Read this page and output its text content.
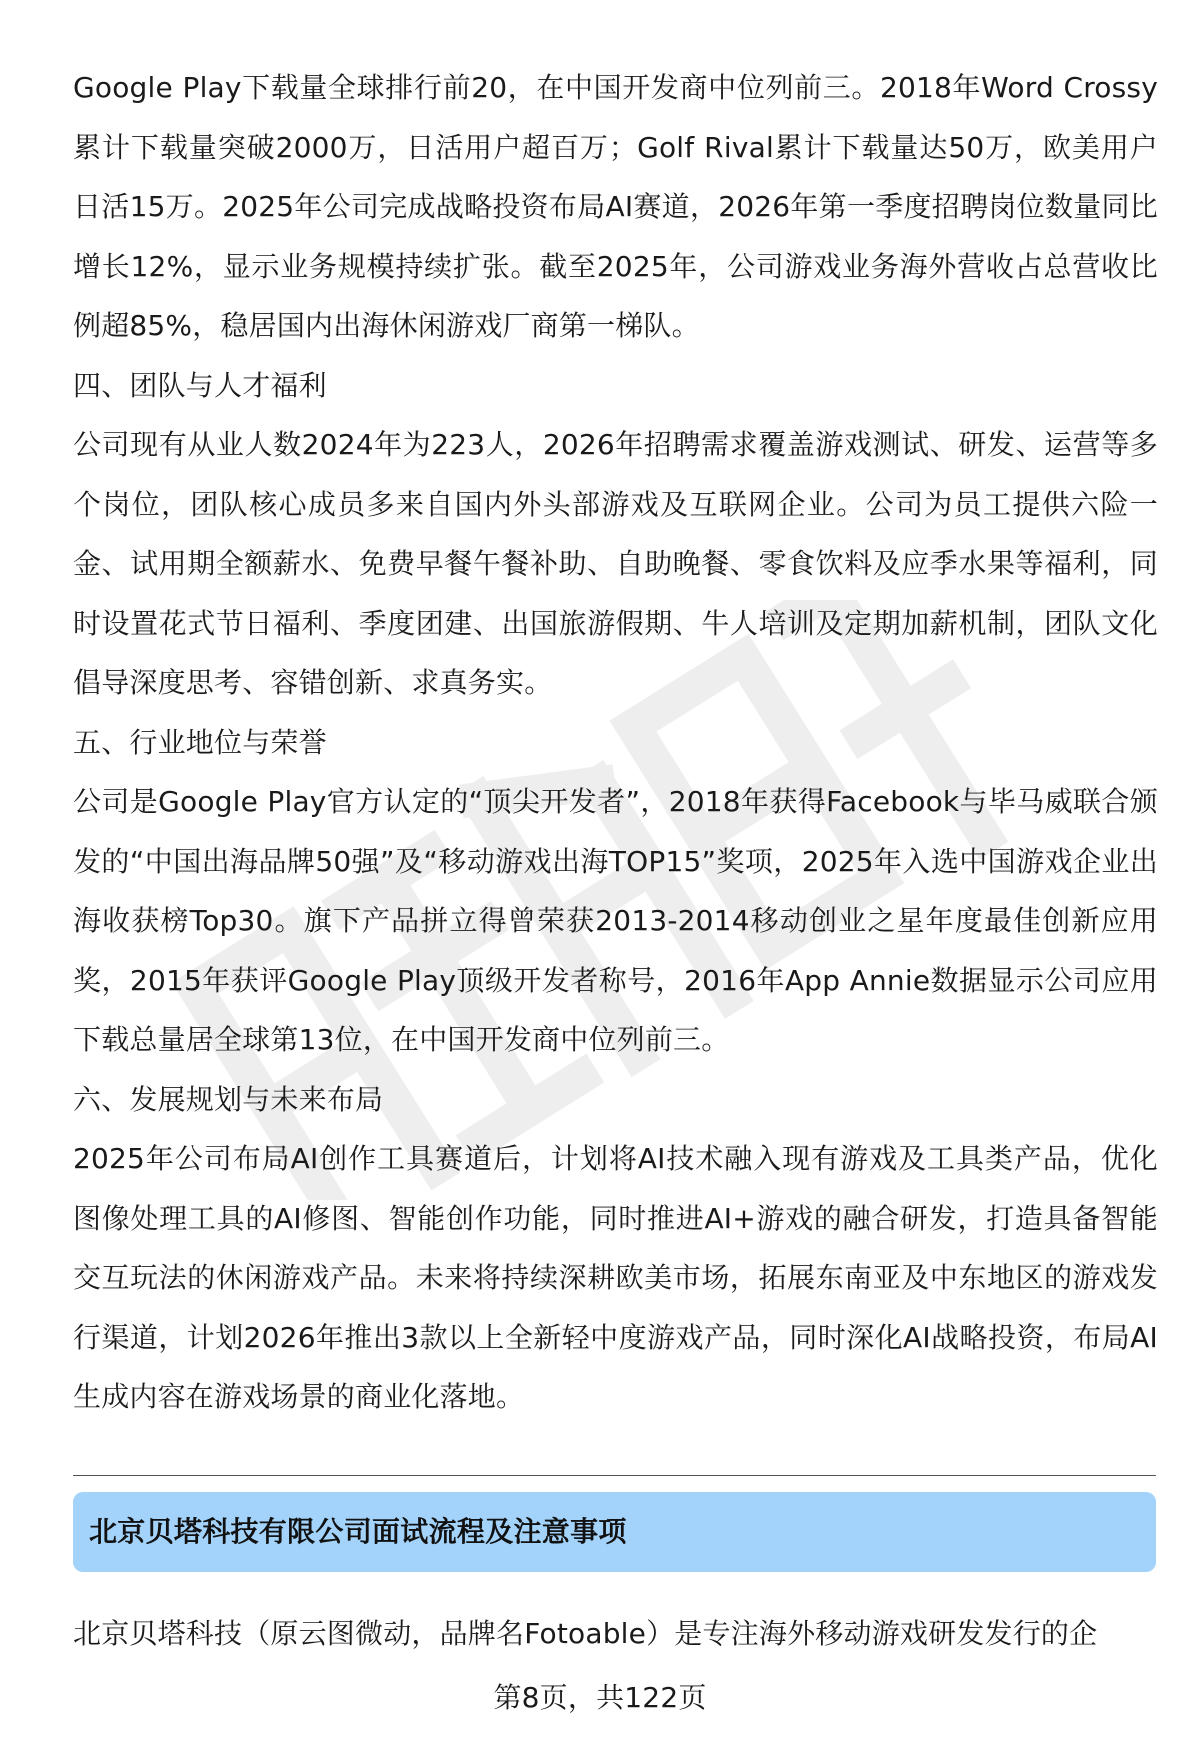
Google Play下载量全球排行前20，在中国开发商中位列前三。2018年Word Crossy累计下载量突破2000万，日活用户超百万；Golf Rival累计下载量达50万，欧美用户日活15万。2025年公司完成战略投资布局AI赛道，2026年第一季度招聘岗位数量同比增长12%，显示业务规模持续扩张。截至2025年，公司游戏业务海外营收占总营收比例超85%，稳居国内出海休闲游戏厂商第一梯队。

四、团队与人才福利

公司现有从业人数2024年为223人，2026年招聘需求覆盖游戏测试、研发、运营等多个岗位，团队核心成员多来自国内外头部游戏及互联网企业。公司为员工提供六险一金、试用期全额薪水、免费早餐午餐补助、自助晚餐、零食饮料及应季水果等福利，同时设置花式节日福利、季度团建、出国旅游假期、牛人培训及定期加薪机制，团队文化倡导深度思考、容错创新、求真务实。

五、行业地位与荣誉

公司是Google Play官方认定的“顶尖开发者”，2018年获得Facebook与毕马威联合颁发的“中国出海品牌50强”及“移动游戏出海TOP15”奖项，2025年入选中国游戏企业出海收获榜Top30。旗下产品拼立得曾荣获2013-2014移动创业之星年度最佳创新应用奖，2015年获评Google Play顶级开发者称号，2016年App Annie数据显示公司应用下载总量居全球第13位，在中国开发商中位列前三。

六、发展规划与未来布局

2025年公司布局AI创作工具赛道后，计划将AI技术融入现有游戏及工具类产品，优化图像处理工具的AI修图、智能创作功能，同时推进AI+游戏的融合研发，打造具备智能交互玩法的休闲游戏产品。未来将持续深耕欧美市场，拓展东南亚及中东地区的游戏发行渠道，计划2026年推出3款以上全新轻中度游戏产品，同时深化AI战略投资，布局AI生成内容在游戏场景的商业化落地。

北京贝塔科技有限公司面试流程及注意事项
北京贝塔科技（原云图微动，品牌名Fotoable）是专注海外移动游戏研发发行的企
第8页，共122页
